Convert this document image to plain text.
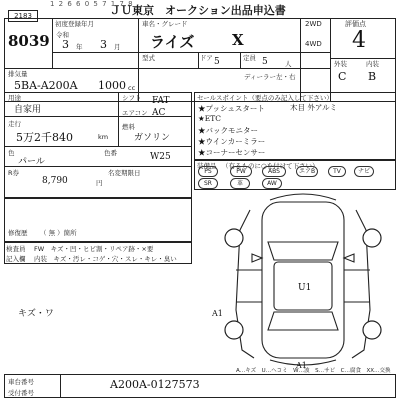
1 2 6 6 0 5 7 1 7 8
2183	ＪＵ東京　オークション出品申込書
8039
初度登録年月
令和
3 年 3 月
車名・グレード
ライズ	X
2WD
4WD
型式	ドア 5	定員 5	人
排気量
5BA-A200A 1000 cc
ディーラー 左・右
評価点
4
外装	内装
C B
用途
自家用
シフト FAT
エアコン AC
燃料
ガソリン
走行
5万2千840	km
色
パール
色番	W25
R券
8,790	円
名変期限日
セールスポイント（要点のみ記入して下さい）
★プッシュスタート	木目 外アルミ
★ETC
★バックモニター
★ウインカーミラー
★コーナーセンサー
装備品 （有るものに○を付けて下さい）
PS	PW	ABS	エアB	TV	ナビ
SR	革	AW
修復歴 （ 無 ）箇所
検査員
記入欄
FW　キズ・凹・ヒビ割・リペア跡・×要
内装　キズ・汚レ・コゲ・穴・スレ・キレ・臭い
キズ・ワ
U1
A1
A1
車台番号
受付番号
A200A-0127573
A…キズ　U…ヘコミ　W…波　S…サビ　C…腐食　XX…交換
